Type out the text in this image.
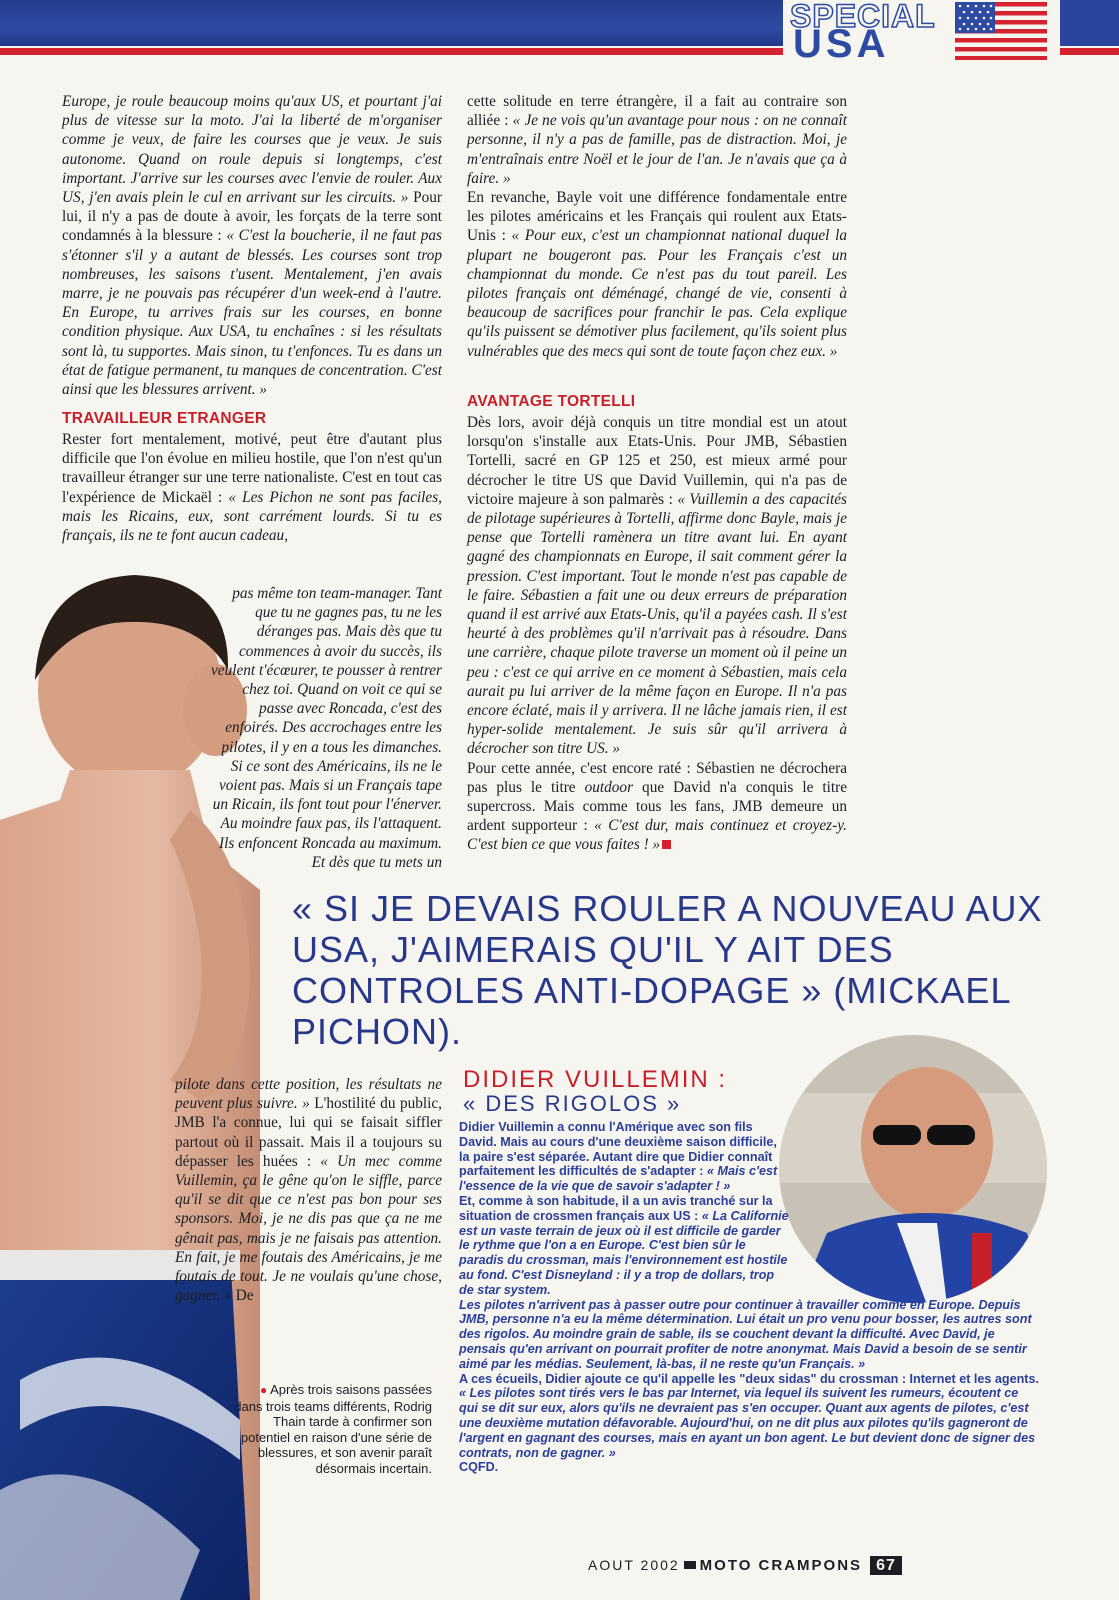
SPECIAL
USA

Europe, je roule beaucoup moins qu'aux US, et pourtant j'ai plus de vitesse sur la moto. J'ai la liberté de m'organiser comme je veux, de faire les courses que je veux. Je suis autonome. Quand on roule depuis si longtemps, c'est important. J'arrive sur les courses avec l'envie de rouler. Aux US, j'en avais plein le cul en arrivant sur les circuits. » Pour lui, il n'y a pas de doute à avoir, les forçats de la terre sont condamnés à la blessure : « C'est la boucherie, il ne faut pas s'étonner s'il y a autant de blessés. Les courses sont trop nombreuses, les saisons t'usent. Mentalement, j'en avais marre, je ne pouvais pas récupérer d'un week-end à l'autre. En Europe, tu arrives frais sur les courses, en bonne condition physique. Aux USA, tu enchaînes : si les résultats sont là, tu supportes. Mais sinon, tu t'enfonces. Tu es dans un état de fatigue permanent, tu manques de concentration. C'est ainsi que les blessures arrivent. »

TRAVAILLEUR ETRANGER

Rester fort mentalement, motivé, peut être d'autant plus difficile que l'on évolue en milieu hostile, que l'on n'est qu'un travailleur étranger sur une terre nationaliste. C'est en tout cas l'expérience de Mickaël : « Les Pichon ne sont pas faciles, mais les Ricains, eux, sont carrément lourds. Si tu es français, ils ne te font aucun cadeau,

pas même ton team-manager. Tant que tu ne gagnes pas, tu ne les déranges pas. Mais dès que tu commences à avoir du succès, ils veulent t'écœurer, te pousser à rentrer chez toi. Quand on voit ce qui se passe avec Roncada, c'est des enfoirés. Des accrochages entre les pilotes, il y en a tous les dimanches. Si ce sont des Américains, ils ne le voient pas. Mais si un Français tape un Ricain, ils font tout pour l'énerver. Au moindre faux pas, ils l'attaquent. Ils enfoncent Roncada au maximum. Et dès que tu mets un

pilote dans cette position, les résultats ne peuvent plus suivre. » L'hostilité du public, JMB l'a connue, lui qui se faisait siffler partout où il passait. Mais il a toujours su dépasser les huées : « Un mec comme Vuillemin, ça le gêne qu'on le siffle, parce qu'il se dit que ce n'est pas bon pour ses sponsors. Moi, je ne dis pas que ça ne me gênait pas, mais je ne faisais pas attention. En fait, je me foutais des Américains, je me foutais de tout. Je ne voulais qu'une chose, gagner. » De

● Après trois saisons passées dans trois teams différents, Rodrig Thain tarde à confirmer son potentiel en raison d'une série de blessures, et son avenir paraît désormais incertain.

cette solitude en terre étrangère, il a fait au contraire son alliée : « Je ne vois qu'un avantage pour nous : on ne connaît personne, il n'y a pas de famille, pas de distraction. Moi, je m'entraînais entre Noël et le jour de l'an. Je n'avais que ça à faire. »

En revanche, Bayle voit une différence fondamentale entre les pilotes américains et les Français qui roulent aux Etats-Unis : « Pour eux, c'est un championnat national duquel la plupart ne bougeront pas. Pour les Français c'est un championnat du monde. Ce n'est pas du tout pareil. Les pilotes français ont déménagé, changé de vie, consenti à beaucoup de sacrifices pour franchir le pas. Cela explique qu'ils puissent se démotiver plus facilement, qu'ils soient plus vulnérables que des mecs qui sont de toute façon chez eux. »

AVANTAGE TORTELLI

Dès lors, avoir déjà conquis un titre mondial est un atout lorsqu'on s'installe aux Etats-Unis. Pour JMB, Sébastien Tortelli, sacré en GP 125 et 250, est mieux armé pour décrocher le titre US que David Vuillemin, qui n'a pas de victoire majeure à son palmarès : « Vuillemin a des capacités de pilotage supérieures à Tortelli, affirme donc Bayle, mais je pense que Tortelli ramènera un titre avant lui. En ayant gagné des championnats en Europe, il sait comment gérer la pression. C'est important. Tout le monde n'est pas capable de le faire. Sébastien a fait une ou deux erreurs de préparation quand il est arrivé aux Etats-Unis, qu'il a payées cash. Il s'est heurté à des problèmes qu'il n'arrivait pas à résoudre. Dans une carrière, chaque pilote traverse un moment où il peine un peu : c'est ce qui arrive en ce moment à Sébastien, mais cela aurait pu lui arriver de la même façon en Europe. Il n'a pas encore éclaté, mais il y arrivera. Il ne lâche jamais rien, il est hyper-solide mentalement. Je suis sûr qu'il arrivera à décrocher son titre US. »

Pour cette année, c'est encore raté : Sébastien ne décrochera pas plus le titre outdoor que David n'a conquis le titre supercross. Mais comme tous les fans, JMB demeure un ardent supporteur : « C'est dur, mais continuez et croyez-y. C'est bien ce que vous faites ! »

« SI JE DEVAIS ROULER A NOUVEAU AUX USA, J'AIMERAIS QU'IL Y AIT DES CONTROLES ANTI-DOPAGE » (MICKAEL PICHON).
DIDIER VUILLEMIN :
« DES RIGOLOS »

Didier Vuillemin a connu l'Amérique avec son fils David. Mais au cours d'une deuxième saison difficile, la paire s'est séparée. Autant dire que Didier connaît parfaitement les difficultés de s'adapter : « Mais c'est l'essence de la vie que de savoir s'adapter ! »

Et, comme à son habitude, il a un avis tranché sur la situation de crossmen français aux US : « La Californie est un vaste terrain de jeux où il est difficile de garder le rythme que l'on a en Europe. C'est bien sûr le paradis du crossman, mais l'environnement est hostile au fond. C'est Disneyland : il y a trop de dollars, trop de star system.

Les pilotes n'arrivent pas à passer outre pour continuer à travailler comme en Europe. Depuis JMB, personne n'a eu la même détermination. Lui était un pro venu pour bosser, les autres sont des rigolos. Au moindre grain de sable, ils se couchent devant la difficulté. Avec David, je pensais qu'en arrivant on pourrait profiter de notre anonymat. Mais David a besoin de se sentir aimé par les médias. Seulement, là-bas, il ne reste qu'un Français. »

A ces écueils, Didier ajoute ce qu'il appelle les "deux sidas" du crossman : Internet et les agents. « Les pilotes sont tirés vers le bas par Internet, via lequel ils suivent les rumeurs, écoutent ce qui se dit sur eux, alors qu'ils ne devraient pas s'en occuper. Quant aux agents de pilotes, c'est une deuxième mutation défavorable. Aujourd'hui, on ne dit plus aux pilotes qu'ils gagneront de l'argent en gagnant des courses, mais en ayant un bon agent. Le but devient donc de signer des contrats, non de gagner. »

CQFD.

AOUT 2002 MOTO CRAMPONS 67
